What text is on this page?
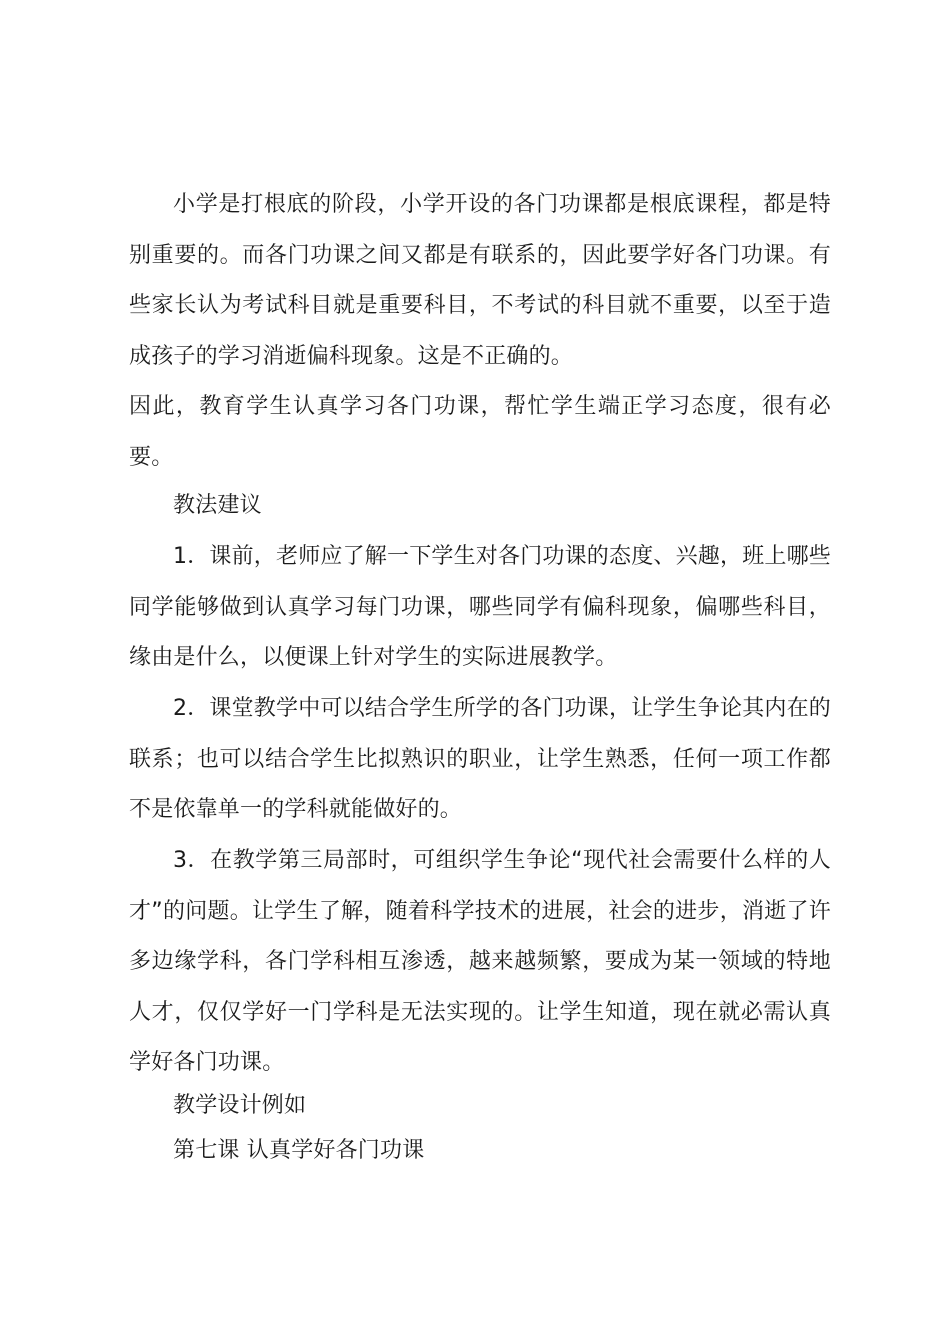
小学是打根底的阶段，小学开设的各门功课都是根底课程，都是特别重要的。而各门功课之间又都是有联系的，因此要学好各门功课。有些家长认为考试科目就是重要科目，不考试的科目就不重要，以至于造成孩子的学习消逝偏科现象。这是不正确的。
因此，教育学生认真学习各门功课，帮忙学生端正学习态度，很有必要。
教法建议
1．课前，老师应了解一下学生对各门功课的态度、兴趣，班上哪些同学能够做到认真学习每门功课，哪些同学有偏科现象，偏哪些科目，缘由是什么，以便课上针对学生的实际进展教学。
2．课堂教学中可以结合学生所学的各门功课，让学生争论其内在的联系；也可以结合学生比拟熟识的职业，让学生熟悉，任何一项工作都不是依靠单一的学科就能做好的。
3．在教学第三局部时，可组织学生争论“现代社会需要什么样的人才”的问题。让学生了解，随着科学技术的进展，社会的进步，消逝了许多边缘学科，各门学科相互渗透，越来越频繁，要成为某一领域的特地人才，仅仅学好一门学科是无法实现的。让学生知道，现在就必需认真学好各门功课。
教学设计例如
第七课 认真学好各门功课
